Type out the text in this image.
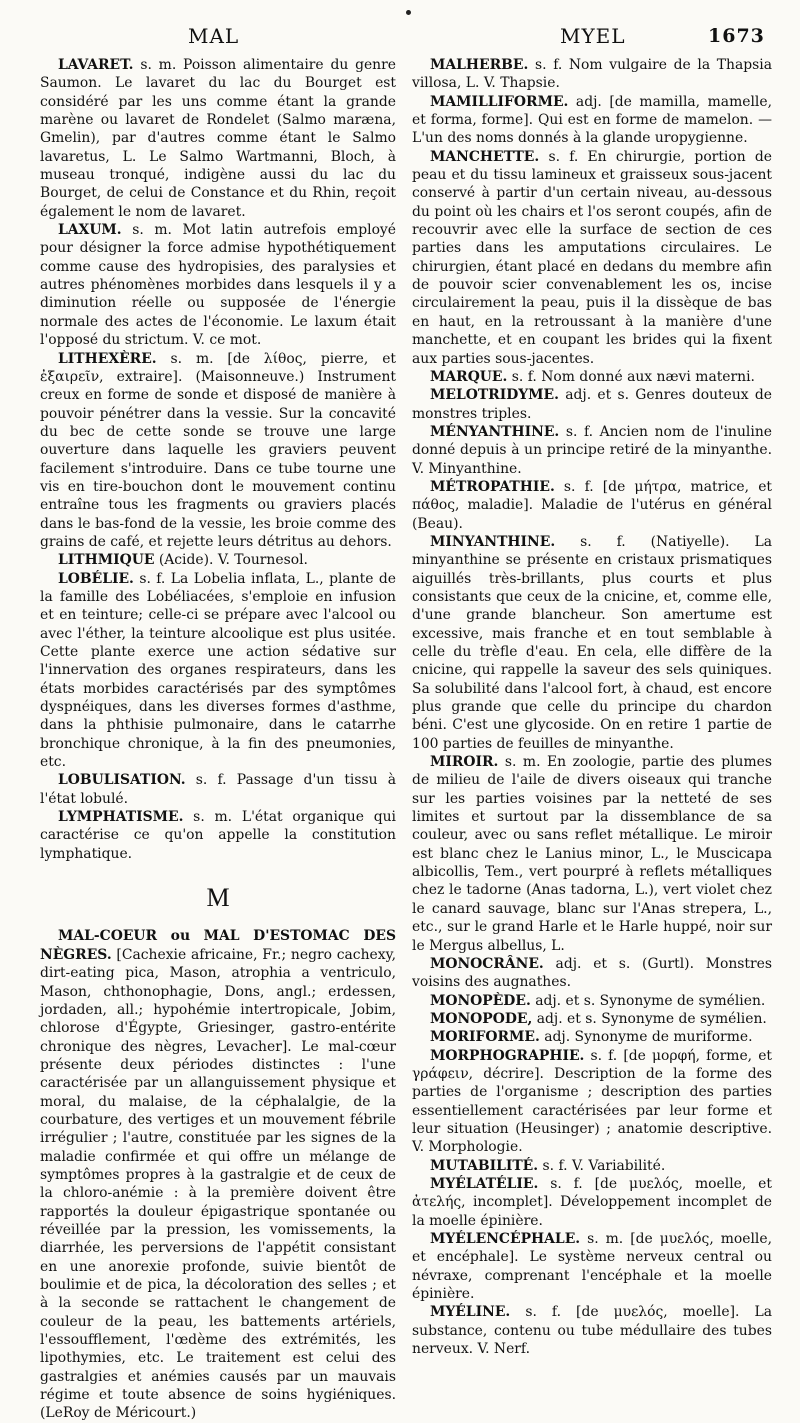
MAL	MYEL	1673

LAVARET. s. m. Poisson alimentaire du genre Saumon. Le lavaret du lac du Bourget est considéré par les uns comme étant la grande marène ou lavaret de Rondelet (Salmo maræna, Gmelin), par d'autres comme étant le Salmo lavaretus, L. Le Salmo Wartmanni, Bloch, à museau tronqué, indigène aussi du lac du Bourget, de celui de Constance et du Rhin, reçoit également le nom de lavaret.

LAXUM. s. m. Mot latin autrefois employé pour désigner la force admise hypothétiquement comme cause des hydropisies, des paralysies et autres phénomènes morbides dans lesquels il y a diminution réelle ou supposée de l'énergie normale des actes de l'économie. Le laxum était l'opposé du strictum. V. ce mot.

LITHEXÈRE. s. m. [de λίθος, pierre, et ἐξαιρεῖν, extraire]. (Maisonneuve.) Instrument creux en forme de sonde et disposé de manière à pouvoir pénétrer dans la vessie. Sur la concavité du bec de cette sonde se trouve une large ouverture dans laquelle les graviers peuvent facilement s'introduire. Dans ce tube tourne une vis en tire-bouchon dont le mouvement continu entraîne tous les fragments ou graviers placés dans le bas-fond de la vessie, les broie comme des grains de café, et rejette leurs détritus au dehors.

LITHMIQUE (Acide). V. Tournesol.

LOBÉLIE. s. f. La Lobelia inflata, L., plante de la famille des Lobéliacées, s'emploie en infusion et en teinture; celle-ci se prépare avec l'alcool ou avec l'éther, la teinture alcoolique est plus usitée. Cette plante exerce une action sédative sur l'innervation des organes respirateurs, dans les états morbides caractérisés par des symptômes dyspnéiques, dans les diverses formes d'asthme, dans la phthisie pulmonaire, dans le catarrhe bronchique chronique, à la fin des pneumonies, etc.

LOBULISATION. s. f. Passage d'un tissu à l'état lobulé.

LYMPHATISME. s. m. L'état organique qui caractérise ce qu'on appelle la constitution lymphatique.

M

MAL-COEUR ou MAL D'ESTOMAC DES NÈGRES. [Cachexie africaine, Fr.; negro cachexy, dirt-eating pica, Mason, atrophia a ventriculo, Mason, chthonophagie, Dons, angl.; erdessen, jordaden, all.; hypohémie intertropicale, Jobim, chlorose d'Égypte, Griesinger, gastro-entérite chronique des nègres, Levacher]. Le mal-cœur présente deux périodes distinctes : l'une caractérisée par un allanguissement physique et moral, du malaise, de la céphalalgie, de la courbature, des vertiges et un mouvement fébrile irrégulier ; l'autre, constituée par les signes de la maladie confirmée et qui offre un mélange de symptômes propres à la gastralgie et de ceux de la chloro-anémie : à la première doivent être rapportés la douleur épigastrique spontanée ou réveillée par la pression, les vomissements, la diarrhée, les perversions de l'appétit consistant en une anorexie profonde, suivie bientôt de boulimie et de pica, la décoloration des selles ; et à la seconde se rattachent le changement de couleur de la peau, les battements artériels, l'essoufflement, l'œdème des extrémités, les lipothymies, etc. Le traitement est celui des gastralgies et anémies causés par un mauvais régime et toute absence de soins hygiéniques. (LeRoy de Méricourt.)

MALHERBE. s. f. Nom vulgaire de la Thapsia villosa, L. V. Thapsie.

MAMILLIFORME. adj. [de mamilla, mamelle, et forma, forme]. Qui est en forme de mamelon. — L'un des noms donnés à la glande uropygienne.

MANCHETTE. s. f. En chirurgie, portion de peau et du tissu lamineux et graisseux sous-jacent conservé à partir d'un certain niveau, au-dessous du point où les chairs et l'os seront coupés, afin de recouvrir avec elle la surface de section de ces parties dans les amputations circulaires. Le chirurgien, étant placé en dedans du membre afin de pouvoir scier convenablement les os, incise circulairement la peau, puis il la dissèque de bas en haut, en la retroussant à la manière d'une manchette, et en coupant les brides qui la fixent aux parties sous-jacentes.

MARQUE. s. f. Nom donné aux nævi materni.

MELOTRIDYME. adj. et s. Genres douteux de monstres triples.

MÉNYANTHINE. s. f. Ancien nom de l'inuline donné depuis à un principe retiré de la minyanthe. V. Minyanthine.

MÉTROPATHIE. s. f. [de μήτρα, matrice, et πάθος, maladie]. Maladie de l'utérus en général (Beau).

MINYANTHINE. s. f. (Natiyelle). La minyanthine se présente en cristaux prismatiques aiguillés très-brillants, plus courts et plus consistants que ceux de la cnicine, et, comme elle, d'une grande blancheur. Son amertume est excessive, mais franche et en tout semblable à celle du trèfle d'eau. En cela, elle diffère de la cnicine, qui rappelle la saveur des sels quiniques. Sa solubilité dans l'alcool fort, à chaud, est encore plus grande que celle du principe du chardon béni. C'est une glycoside. On en retire 1 partie de 100 parties de feuilles de minyanthe.

MIROIR. s. m. En zoologie, partie des plumes de milieu de l'aile de divers oiseaux qui tranche sur les parties voisines par la netteté de ses limites et surtout par la dissemblance de sa couleur, avec ou sans reflet métallique. Le miroir est blanc chez le Lanius minor, L., le Muscicapa albicollis, Tem., vert pourpré à reflets métalliques chez le tadorne (Anas tadorna, L.), vert violet chez le canard sauvage, blanc sur l'Anas strepera, L., etc., sur le grand Harle et le Harle huppé, noir sur le Mergus albellus, L.

MONOCRÂNE. adj. et s. (Gurtl). Monstres voisins des augnathes.

MONOPÈDE. adj. et s. Synonyme de symélien.

MONOPODE, adj. et s. Synonyme de symélien.

MORIFORME. adj. Synonyme de muriforme.

MORPHOGRAPHIE. s. f. [de μορφή, forme, et γράφειν, décrire]. Description de la forme des parties de l'organisme ; description des parties essentiellement caractérisées par leur forme et leur situation (Heusinger) ; anatomie descriptive. V. Morphologie.

MUTABILITÉ. s. f. V. Variabilité.

MYÉLATÉLIE. s. f. [de μυελός, moelle, et ἀτελής, incomplet]. Développement incomplet de la moelle épinière.

MYÉLENCÉPHALE. s. m. [de μυελός, moelle, et encéphale]. Le système nerveux central ou névraxe, comprenant l'encéphale et la moelle épinière.

MYÉLINE. s. f. [de μυελός, moelle]. La substance, contenu ou tube médullaire des tubes nerveux. V. Nerf.
